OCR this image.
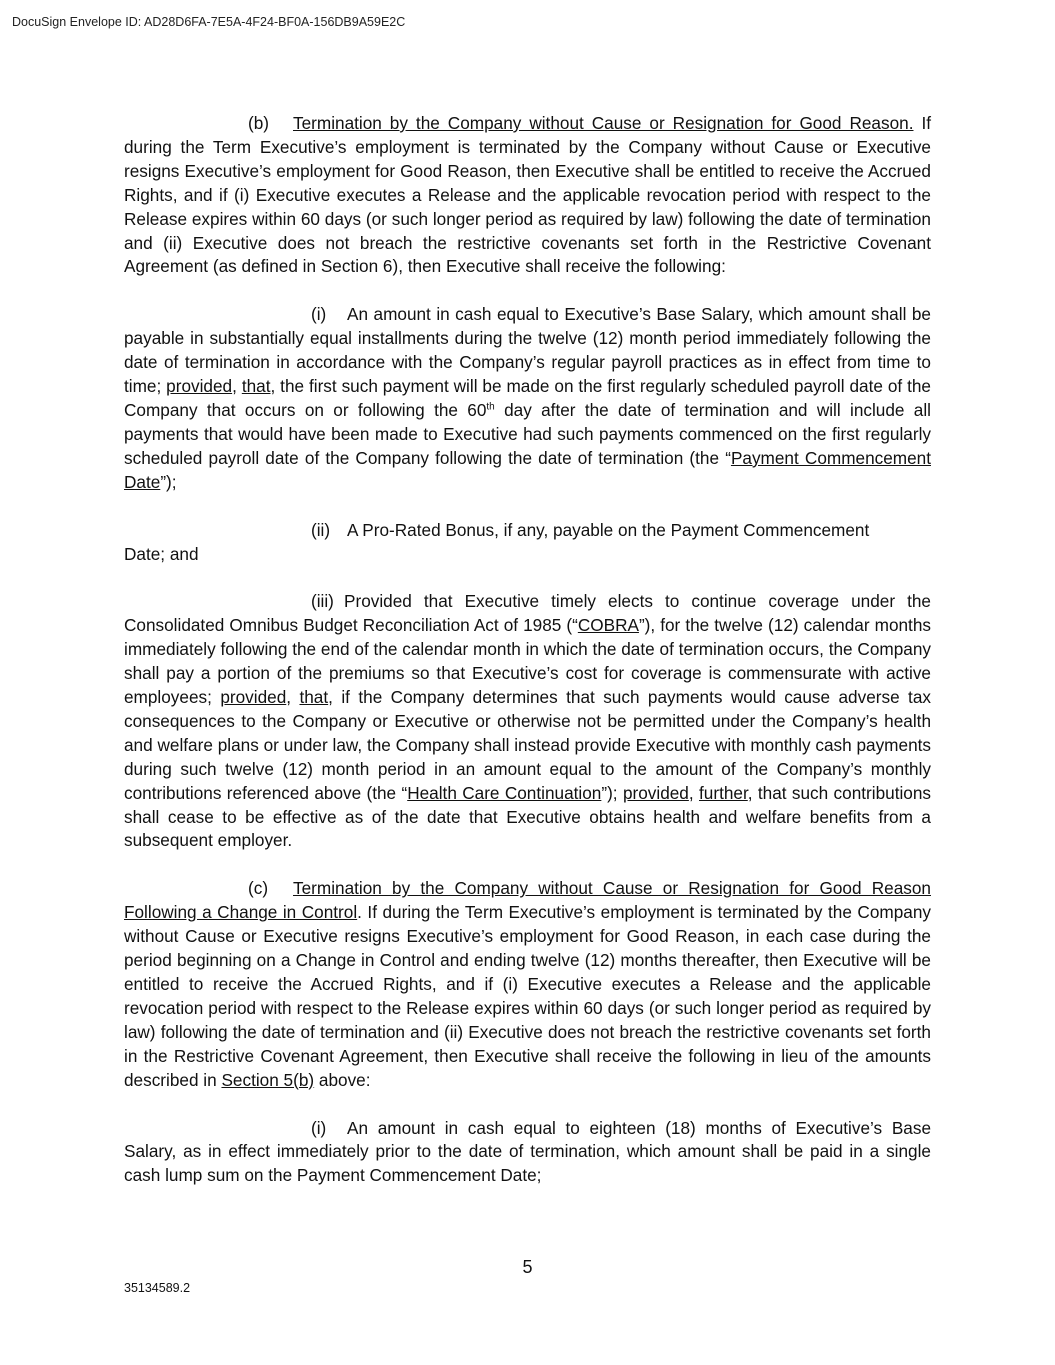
DocuSign Envelope ID: AD28D6FA-7E5A-4F24-BF0A-156DB9A59E2C

(b) Termination by the Company without Cause or Resignation for Good Reason. If during the Term Executive’s employment is terminated by the Company without Cause or Executive resigns Executive’s employment for Good Reason, then Executive shall be entitled to receive the Accrued Rights, and if (i) Executive executes a Release and the applicable revocation period with respect to the Release expires within 60 days (or such longer period as required by law) following the date of termination and (ii) Executive does not breach the restrictive covenants set forth in the Restrictive Covenant Agreement (as defined in Section 6), then Executive shall receive the following:

(i) An amount in cash equal to Executive’s Base Salary, which amount shall be payable in substantially equal installments during the twelve (12) month period immediately following the date of termination in accordance with the Company’s regular payroll practices as in effect from time to time; provided, that, the first such payment will be made on the first regularly scheduled payroll date of the Company that occurs on or following the 60th day after the date of termination and will include all payments that would have been made to Executive had such payments commenced on the first regularly scheduled payroll date of the Company following the date of termination (the “Payment Commencement Date”);

(ii) A Pro-Rated Bonus, if any, payable on the Payment Commencement

Date; and

(iii) Provided that Executive timely elects to continue coverage under the Consolidated Omnibus Budget Reconciliation Act of 1985 (“COBRA”), for the twelve (12) calendar months immediately following the end of the calendar month in which the date of termination occurs, the Company shall pay a portion of the premiums so that Executive’s cost for coverage is commensurate with active employees; provided, that, if the Company determines that such payments would cause adverse tax consequences to the Company or Executive or otherwise not be permitted under the Company’s health and welfare plans or under law, the Company shall instead provide Executive with monthly cash payments during such twelve (12) month period in an amount equal to the amount of the Company’s monthly contributions referenced above (the “Health Care Continuation”); provided, further, that such contributions shall cease to be effective as of the date that Executive obtains health and welfare benefits from a subsequent employer.

(c) Termination by the Company without Cause or Resignation for Good Reason Following a Change in Control. If during the Term Executive’s employment is terminated by the Company without Cause or Executive resigns Executive’s employment for Good Reason, in each case during the period beginning on a Change in Control and ending twelve (12) months thereafter, then Executive will be entitled to receive the Accrued Rights, and if (i) Executive executes a Release and the applicable revocation period with respect to the Release expires within 60 days (or such longer period as required by law) following the date of termination and (ii) Executive does not breach the restrictive covenants set forth in the Restrictive Covenant Agreement, then Executive shall receive the following in lieu of the amounts described in Section 5(b) above:

(i) An amount in cash equal to eighteen (18) months of Executive’s Base Salary, as in effect immediately prior to the date of termination, which amount shall be paid in a single cash lump sum on the Payment Commencement Date;

5
35134589.2
